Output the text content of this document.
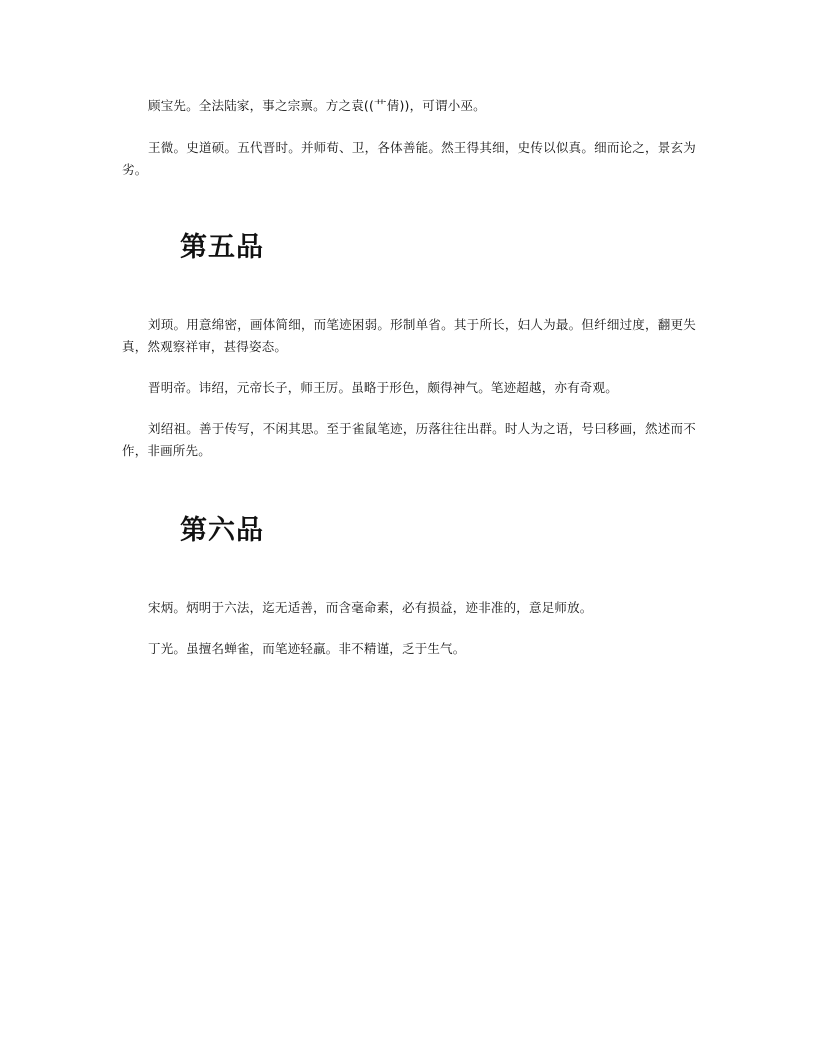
顾宝先。全法陆家，事之宗禀。方之袁((艹倩))，可谓小巫。

王微。史道硕。五代晋时。并师荀、卫，各体善能。然王得其细，史传以似真。细而论之，景玄为劣。

第五品

刘顼。用意绵密，画体简细，而笔迹困弱。形制单省。其于所长，妇人为最。但纤细过度，翻更失真，然观察祥审，甚得姿态。

晋明帝。讳绍，元帝长子，师王厉。虽略于形色，颇得神气。笔迹超越，亦有奇观。

刘绍祖。善于传写，不闲其思。至于雀鼠笔迹，历落往往出群。时人为之语，号曰移画，然述而不作，非画所先。

第六品

宋炳。炳明于六法，迄无适善，而含毫命素，必有损益，迹非准的，意足师放。

丁光。虽擅名蝉雀，而笔迹轻羸。非不精谨，乏于生气。
